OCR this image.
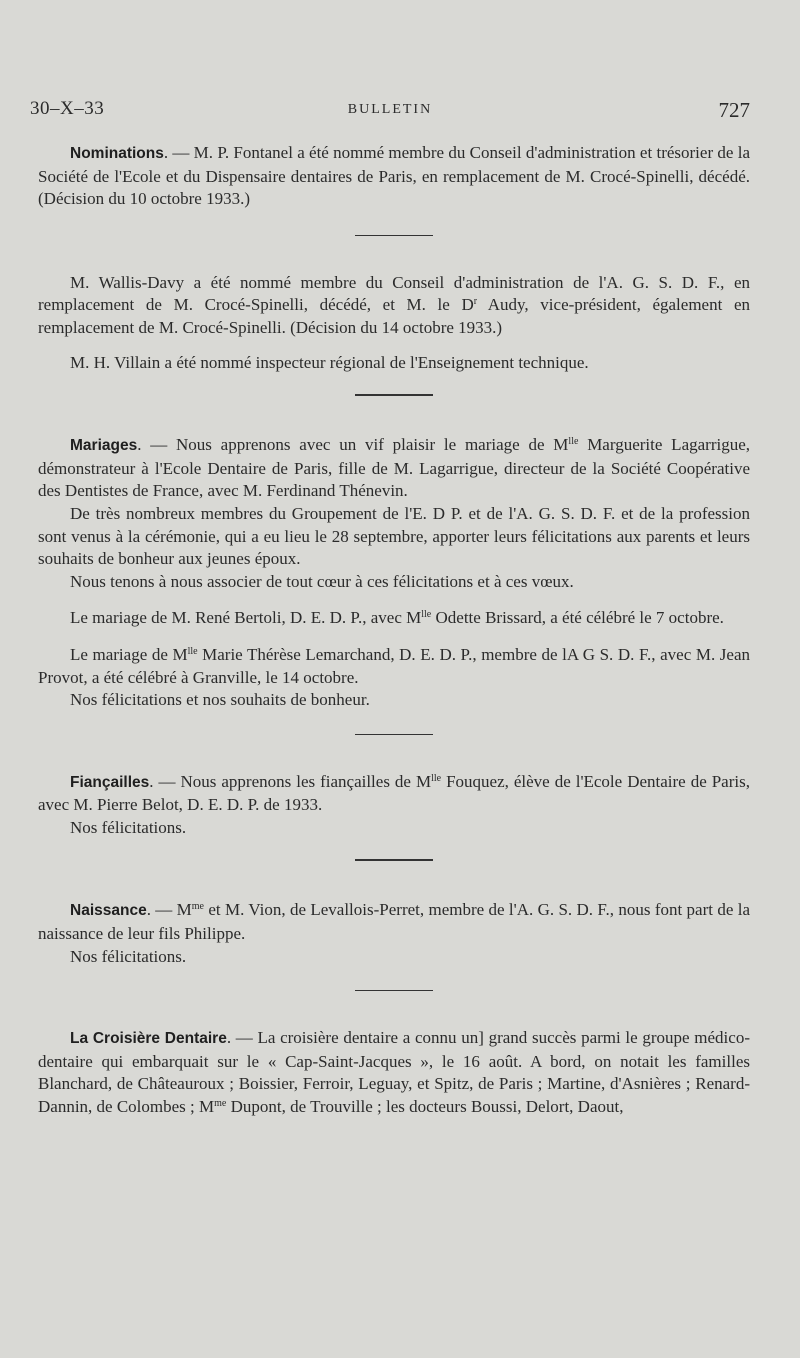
30–X–33	BULLETIN	727

Nominations. — M. P. Fontanel a été nommé membre du Conseil d'administration et trésorier de la Société de l'Ecole et du Dispensaire dentaires de Paris, en remplacement de M. Crocé-Spinelli, décédé. (Décision du 10 octobre 1933.)

M. Wallis-Davy a été nommé membre du Conseil d'administration de l'A. G. S. D. F., en remplacement de M. Crocé-Spinelli, décédé, et M. le $D^r$ Audy, vice-président, également en remplacement de M. Crocé-Spinelli. (Décision du 14 octobre 1933.)

M. H. Villain a été nommé inspecteur régional de l'Enseignement technique.

Mariages. — Nous apprenons avec un vif plaisir le mariage de $M^{lle}$ Marguerite Lagarrigue, démonstrateur à l'Ecole Dentaire de Paris, fille de M. Lagarrigue, directeur de la Société Coopérative des Dentistes de France, avec M. Ferdinand Thénevin.

De très nombreux membres du Groupement de l'E. D P. et de l'A. G. S. D. F. et de la profession sont venus à la cérémonie, qui a eu lieu le 28 septembre, apporter leurs félicitations aux parents et leurs souhaits de bonheur aux jeunes époux.

Nous tenons à nous associer de tout cœur à ces félicitations et à ces vœux.

Le mariage de M. René Bertoli, D. E. D. P., avec $M^{lle}$ Odette Brissard, a été célébré le 7 octobre.

Le mariage de $M^{lle}$ Marie Thérèse Lemarchand, D. E. D. P., membre de lA G S. D. F., avec M. Jean Provot, a été célébré à Granville, le 14 octobre.

Nos félicitations et nos souhaits de bonheur.

Fiançailles. — Nous apprenons les fiançailles de $M^{lle}$ Fouquez, élève de l'Ecole Dentaire de Paris, avec M. Pierre Belot, D. E. D. P. de 1933.

Nos félicitations.

Naissance. — $M^{me}$ et M. Vion, de Levallois-Perret, membre de l'A. G. S. D. F., nous font part de la naissance de leur fils Philippe.

Nos félicitations.

La Croisière Dentaire. — La croisière dentaire a connu un] grand succès parmi le groupe médico-dentaire qui embarquait sur le « Cap-Saint-Jacques », le 16 août. A bord, on notait les familles Blanchard, de Châteauroux ; Boissier, Ferroir, Leguay, et Spitz, de Paris ; Martine, d'Asnières ; Renard-Dannin, de Colombes ; $M^{me}$ Dupont, de Trouville ; les docteurs Boussi, Delort, Daout,
